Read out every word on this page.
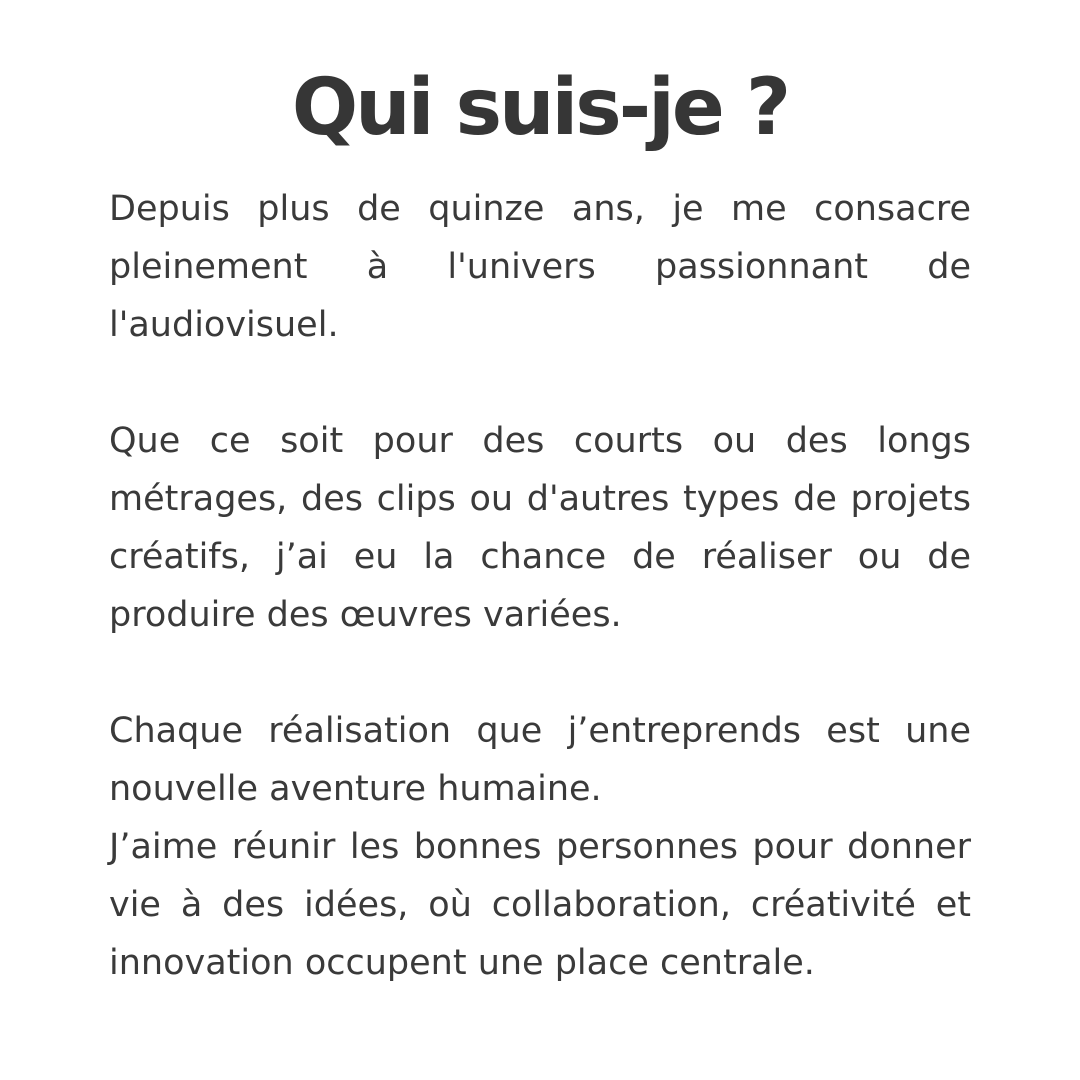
Qui suis-je ?

Depuis plus de quinze ans, je me consacre pleinement à l'univers passionnant de l'audiovisuel.

Que ce soit pour des courts ou des longs métrages, des clips ou d'autres types de projets créatifs, j’ai eu la chance de réaliser ou de produire des œuvres variées.

Chaque réalisation que j’entreprends est une nouvelle aventure humaine.

J’aime réunir les bonnes personnes pour donner vie à des idées, où collaboration, créativité et innovation occupent une place centrale.
